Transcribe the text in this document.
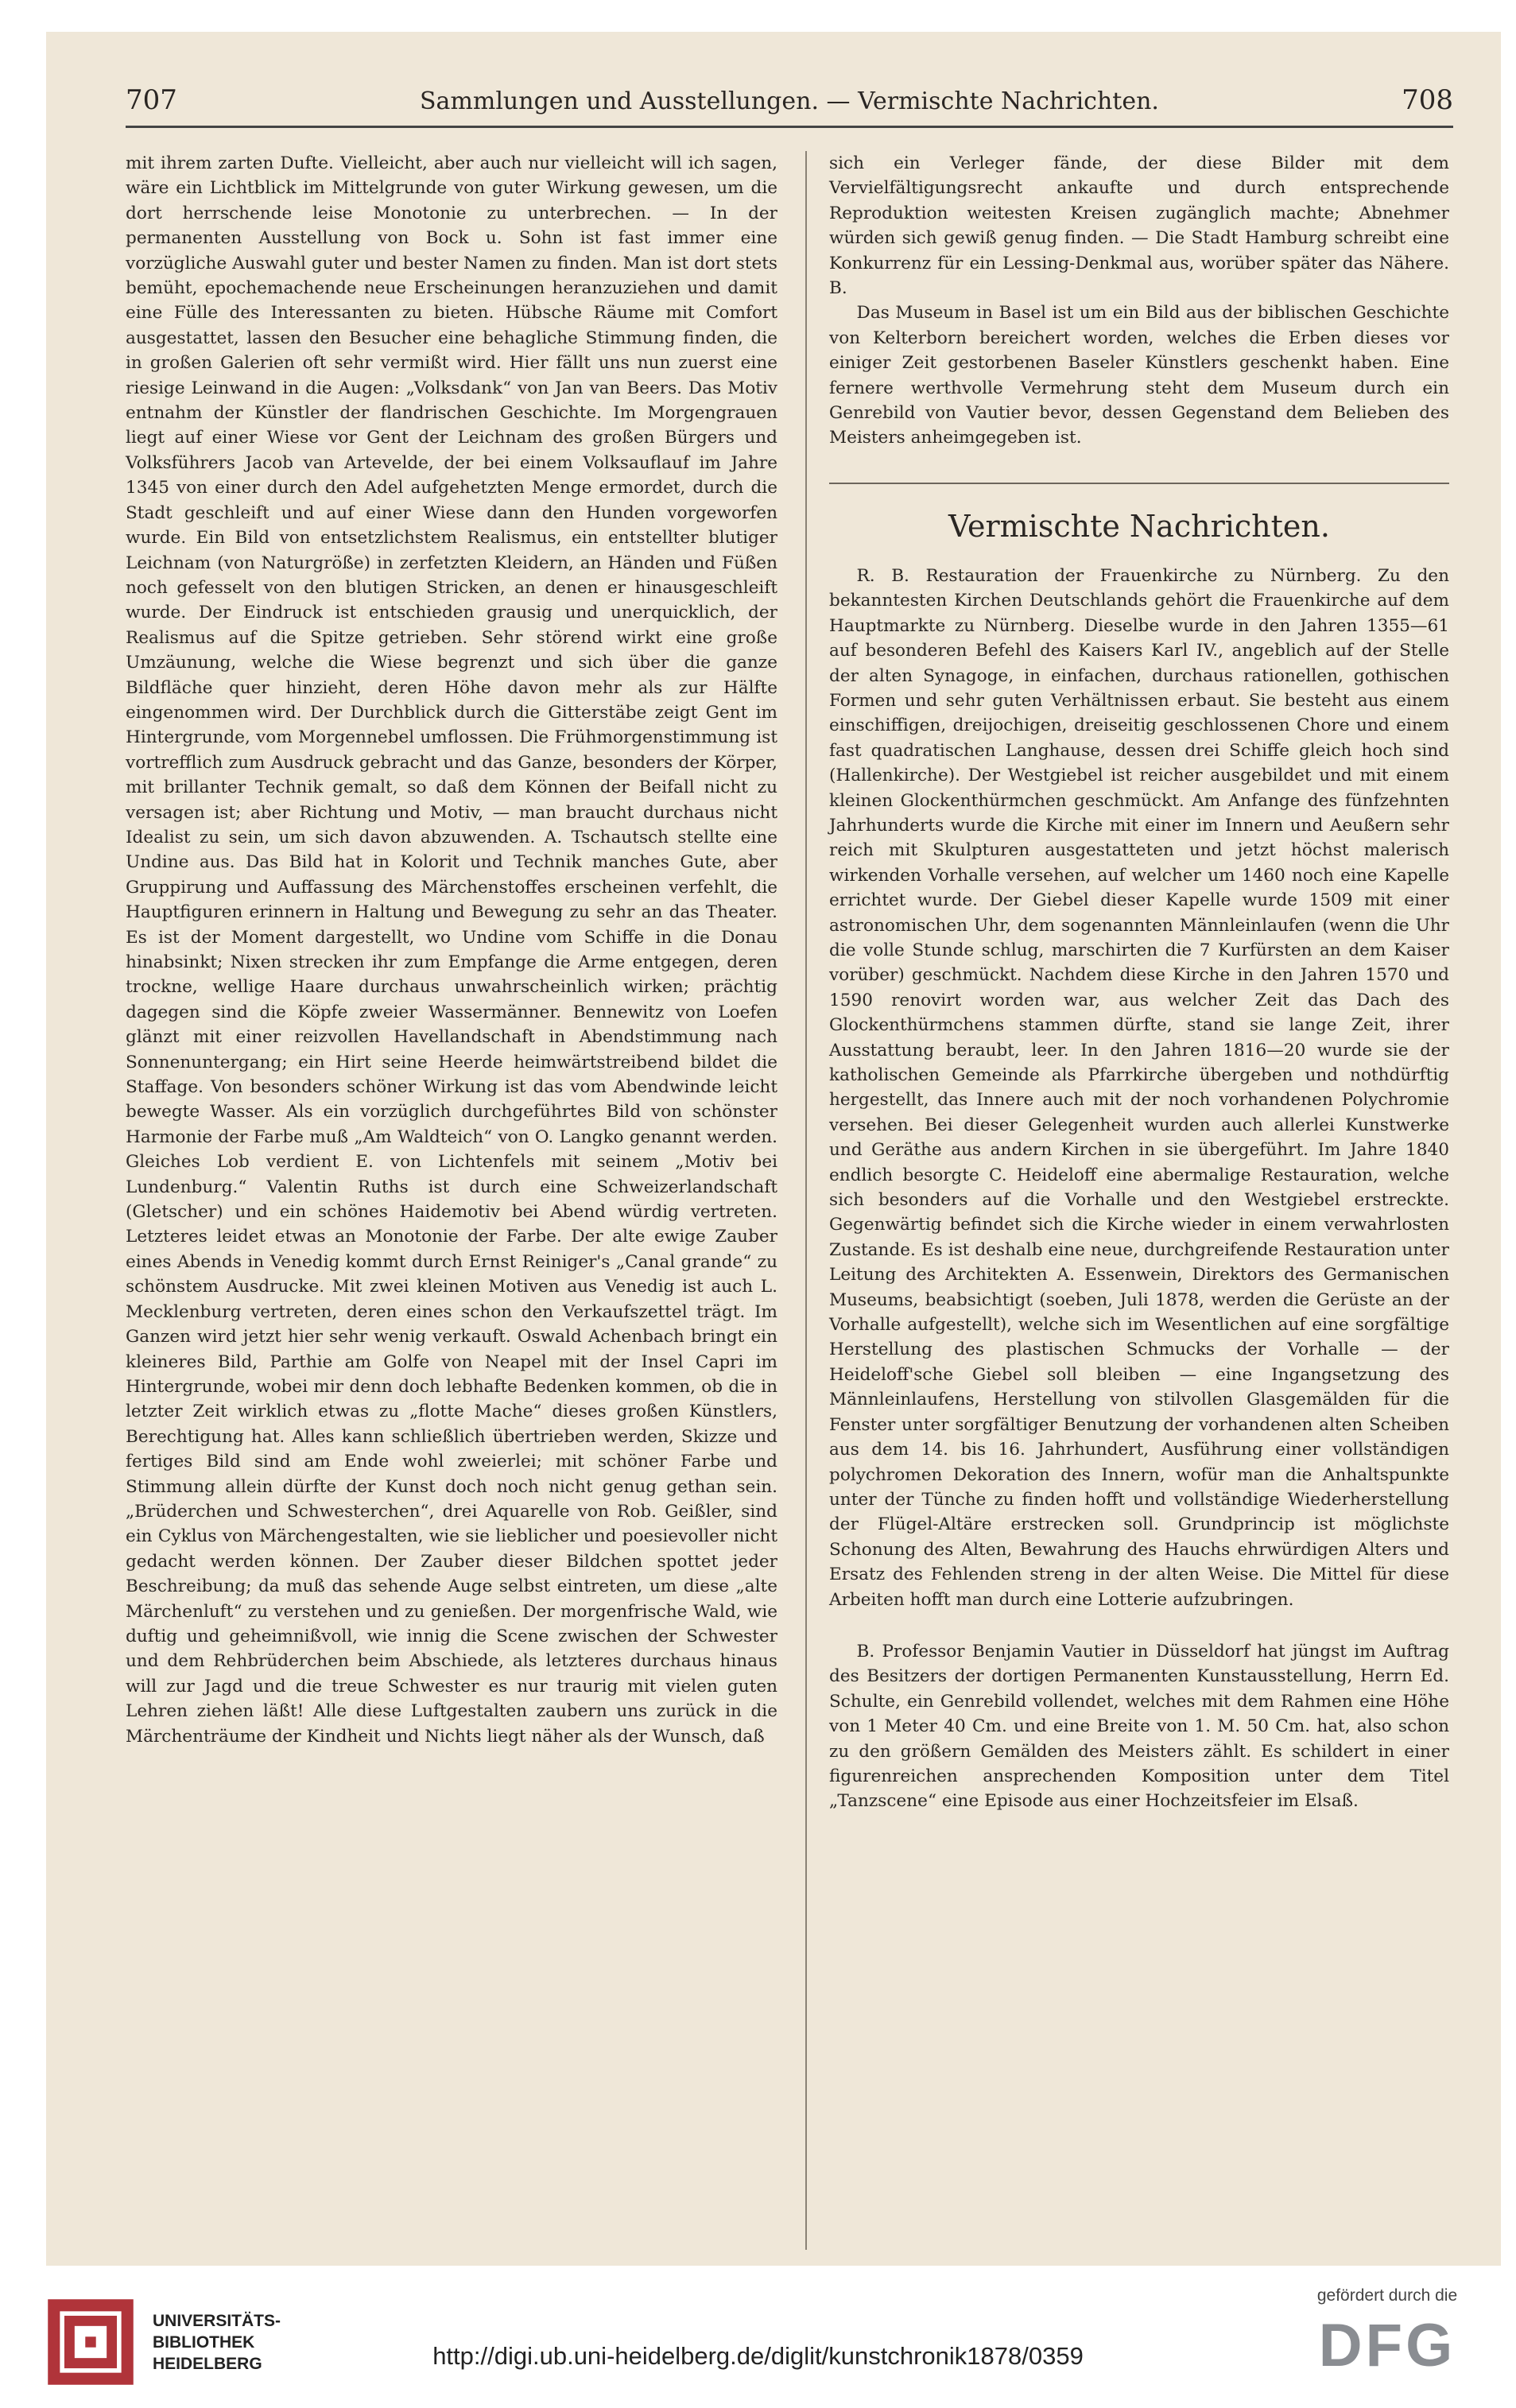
707	Sammlungen und Ausstellungen. — Vermischte Nachrichten.	708

mit ihrem zarten Dufte. Vielleicht, aber auch nur vielleicht will ich sagen, wäre ein Lichtblick im Mittelgrunde von guter Wirkung gewesen, um die dort herrschende leise Monotonie zu unterbrechen. — In der permanenten Ausstellung von Bock u. Sohn ist fast immer eine vorzügliche Auswahl guter und bester Namen zu finden. Man ist dort stets bemüht, epochemachende neue Erscheinungen heranzuziehen und damit eine Fülle des Interessanten zu bieten. Hübsche Räume mit Comfort ausgestattet, lassen den Besucher eine behagliche Stimmung finden, die in großen Galerien oft sehr vermißt wird. Hier fällt uns nun zuerst eine riesige Leinwand in die Augen: „Volksdank“ von Jan van Beers. Das Motiv entnahm der Künstler der flandrischen Geschichte. Im Morgengrauen liegt auf einer Wiese vor Gent der Leichnam des großen Bürgers und Volksführers Jacob van Artevelde, der bei einem Volksauflauf im Jahre 1345 von einer durch den Adel aufgehetzten Menge ermordet, durch die Stadt geschleift und auf einer Wiese dann den Hunden vorgeworfen wurde. Ein Bild von entsetzlichstem Realismus, ein entstellter blutiger Leichnam (von Naturgröße) in zerfetzten Kleidern, an Händen und Füßen noch gefesselt von den blutigen Stricken, an denen er hinausgeschleift wurde. Der Eindruck ist entschieden grausig und unerquicklich, der Realismus auf die Spitze getrieben. Sehr störend wirkt eine große Umzäunung, welche die Wiese begrenzt und sich über die ganze Bildfläche quer hinzieht, deren Höhe davon mehr als zur Hälfte eingenommen wird. Der Durchblick durch die Gitterstäbe zeigt Gent im Hintergrunde, vom Morgennebel umflossen. Die Frühmorgenstimmung ist vortrefflich zum Ausdruck gebracht und das Ganze, besonders der Körper, mit brillanter Technik gemalt, so daß dem Können der Beifall nicht zu versagen ist; aber Richtung und Motiv, — man braucht durchaus nicht Idealist zu sein, um sich davon abzuwenden. A. Tschautsch stellte eine Undine aus. Das Bild hat in Kolorit und Technik manches Gute, aber Gruppirung und Auffassung des Märchenstoffes erscheinen verfehlt, die Hauptfiguren erinnern in Haltung und Bewegung zu sehr an das Theater. Es ist der Moment dargestellt, wo Undine vom Schiffe in die Donau hinabsinkt; Nixen strecken ihr zum Empfange die Arme entgegen, deren trockne, wellige Haare durchaus unwahrscheinlich wirken; prächtig dagegen sind die Köpfe zweier Wassermänner. Bennewitz von Loefen glänzt mit einer reizvollen Havellandschaft in Abendstimmung nach Sonnenuntergang; ein Hirt seine Heerde heimwärtstreibend bildet die Staffage. Von besonders schöner Wirkung ist das vom Abendwinde leicht bewegte Wasser. Als ein vorzüglich durchgeführtes Bild von schönster Harmonie der Farbe muß „Am Waldteich“ von O. Langko genannt werden. Gleiches Lob verdient E. von Lichtenfels mit seinem „Motiv bei Lundenburg.“ Valentin Ruths ist durch eine Schweizerlandschaft (Gletscher) und ein schönes Haidemotiv bei Abend würdig vertreten. Letzteres leidet etwas an Monotonie der Farbe. Der alte ewige Zauber eines Abends in Venedig kommt durch Ernst Reiniger's „Canal grande“ zu schönstem Ausdrucke. Mit zwei kleinen Motiven aus Venedig ist auch L. Mecklenburg vertreten, deren eines schon den Verkaufszettel trägt. Im Ganzen wird jetzt hier sehr wenig verkauft. Oswald Achenbach bringt ein kleineres Bild, Parthie am Golfe von Neapel mit der Insel Capri im Hintergrunde, wobei mir denn doch lebhafte Bedenken kommen, ob die in letzter Zeit wirklich etwas zu „flotte Mache“ dieses großen Künstlers, Berechtigung hat. Alles kann schließlich übertrieben werden, Skizze und fertiges Bild sind am Ende wohl zweierlei; mit schöner Farbe und Stimmung allein dürfte der Kunst doch noch nicht genug gethan sein. „Brüderchen und Schwesterchen“, drei Aquarelle von Rob. Geißler, sind ein Cyklus von Märchengestalten, wie sie lieblicher und poesievoller nicht gedacht werden können. Der Zauber dieser Bildchen spottet jeder Beschreibung; da muß das sehende Auge selbst eintreten, um diese „alte Märchenluft“ zu verstehen und zu genießen. Der morgenfrische Wald, wie duftig und geheimnißvoll, wie innig die Scene zwischen der Schwester und dem Rehbrüderchen beim Abschiede, als letzteres durchaus hinaus will zur Jagd und die treue Schwester es nur traurig mit vielen guten Lehren ziehen läßt! Alle diese Luftgestalten zaubern uns zurück in die Märchenträume der Kindheit und Nichts liegt näher als der Wunsch, daß

sich ein Verleger fände, der diese Bilder mit dem Vervielfältigungsrecht ankaufte und durch entsprechende Reproduktion weitesten Kreisen zugänglich machte; Abnehmer würden sich gewiß genug finden. — Die Stadt Hamburg schreibt eine Konkurrenz für ein Lessing-Denkmal aus, worüber später das Nähere. B.

Das Museum in Basel ist um ein Bild aus der biblischen Geschichte von Kelterborn bereichert worden, welches die Erben dieses vor einiger Zeit gestorbenen Baseler Künstlers geschenkt haben. Eine fernere werthvolle Vermehrung steht dem Museum durch ein Genrebild von Vautier bevor, dessen Gegenstand dem Belieben des Meisters anheimgegeben ist.

Vermischte Nachrichten.

R. B. Restauration der Frauenkirche zu Nürnberg. Zu den bekanntesten Kirchen Deutschlands gehört die Frauenkirche auf dem Hauptmarkte zu Nürnberg. Dieselbe wurde in den Jahren 1355—61 auf besonderen Befehl des Kaisers Karl IV., angeblich auf der Stelle der alten Synagoge, in einfachen, durchaus rationellen, gothischen Formen und sehr guten Verhältnissen erbaut. Sie besteht aus einem einschiffigen, dreijochigen, dreiseitig geschlossenen Chore und einem fast quadratischen Langhause, dessen drei Schiffe gleich hoch sind (Hallenkirche). Der Westgiebel ist reicher ausgebildet und mit einem kleinen Glockenthürmchen geschmückt. Am Anfange des fünfzehnten Jahrhunderts wurde die Kirche mit einer im Innern und Aeußern sehr reich mit Skulpturen ausgestatteten und jetzt höchst malerisch wirkenden Vorhalle versehen, auf welcher um 1460 noch eine Kapelle errichtet wurde. Der Giebel dieser Kapelle wurde 1509 mit einer astronomischen Uhr, dem sogenannten Männleinlaufen (wenn die Uhr die volle Stunde schlug, marschirten die 7 Kurfürsten an dem Kaiser vorüber) geschmückt. Nachdem diese Kirche in den Jahren 1570 und 1590 renovirt worden war, aus welcher Zeit das Dach des Glockenthürmchens stammen dürfte, stand sie lange Zeit, ihrer Ausstattung beraubt, leer. In den Jahren 1816—20 wurde sie der katholischen Gemeinde als Pfarrkirche übergeben und nothdürftig hergestellt, das Innere auch mit der noch vorhandenen Polychromie versehen. Bei dieser Gelegenheit wurden auch allerlei Kunstwerke und Geräthe aus andern Kirchen in sie übergeführt. Im Jahre 1840 endlich besorgte C. Heideloff eine abermalige Restauration, welche sich besonders auf die Vorhalle und den Westgiebel erstreckte. Gegenwärtig befindet sich die Kirche wieder in einem verwahrlosten Zustande. Es ist deshalb eine neue, durchgreifende Restauration unter Leitung des Architekten A. Essenwein, Direktors des Germanischen Museums, beabsichtigt (soeben, Juli 1878, werden die Gerüste an der Vorhalle aufgestellt), welche sich im Wesentlichen auf eine sorgfältige Herstellung des plastischen Schmucks der Vorhalle — der Heideloff'sche Giebel soll bleiben — eine Ingangsetzung des Männleinlaufens, Herstellung von stilvollen Glasgemälden für die Fenster unter sorgfältiger Benutzung der vorhandenen alten Scheiben aus dem 14. bis 16. Jahrhundert, Ausführung einer vollständigen polychromen Dekoration des Innern, wofür man die Anhaltspunkte unter der Tünche zu finden hofft und vollständige Wiederherstellung der Flügel-Altäre erstrecken soll. Grundprincip ist möglichste Schonung des Alten, Bewahrung des Hauchs ehrwürdigen Alters und Ersatz des Fehlenden streng in der alten Weise. Die Mittel für diese Arbeiten hofft man durch eine Lotterie aufzubringen.

B. Professor Benjamin Vautier in Düsseldorf hat jüngst im Auftrag des Besitzers der dortigen Permanenten Kunstausstellung, Herrn Ed. Schulte, ein Genrebild vollendet, welches mit dem Rahmen eine Höhe von 1 Meter 40 Cm. und eine Breite von 1. M. 50 Cm. hat, also schon zu den größern Gemälden des Meisters zählt. Es schildert in einer figurenreichen ansprechenden Komposition unter dem Titel „Tanzscene“ eine Episode aus einer Hochzeitsfeier im Elsaß.

UNIVERSITÄTS-
BIBLIOTHEK
HEIDELBERG	http://digi.ub.uni-heidelberg.de/diglit/kunstchronik1878/0359
gefördert durch die
DFG
